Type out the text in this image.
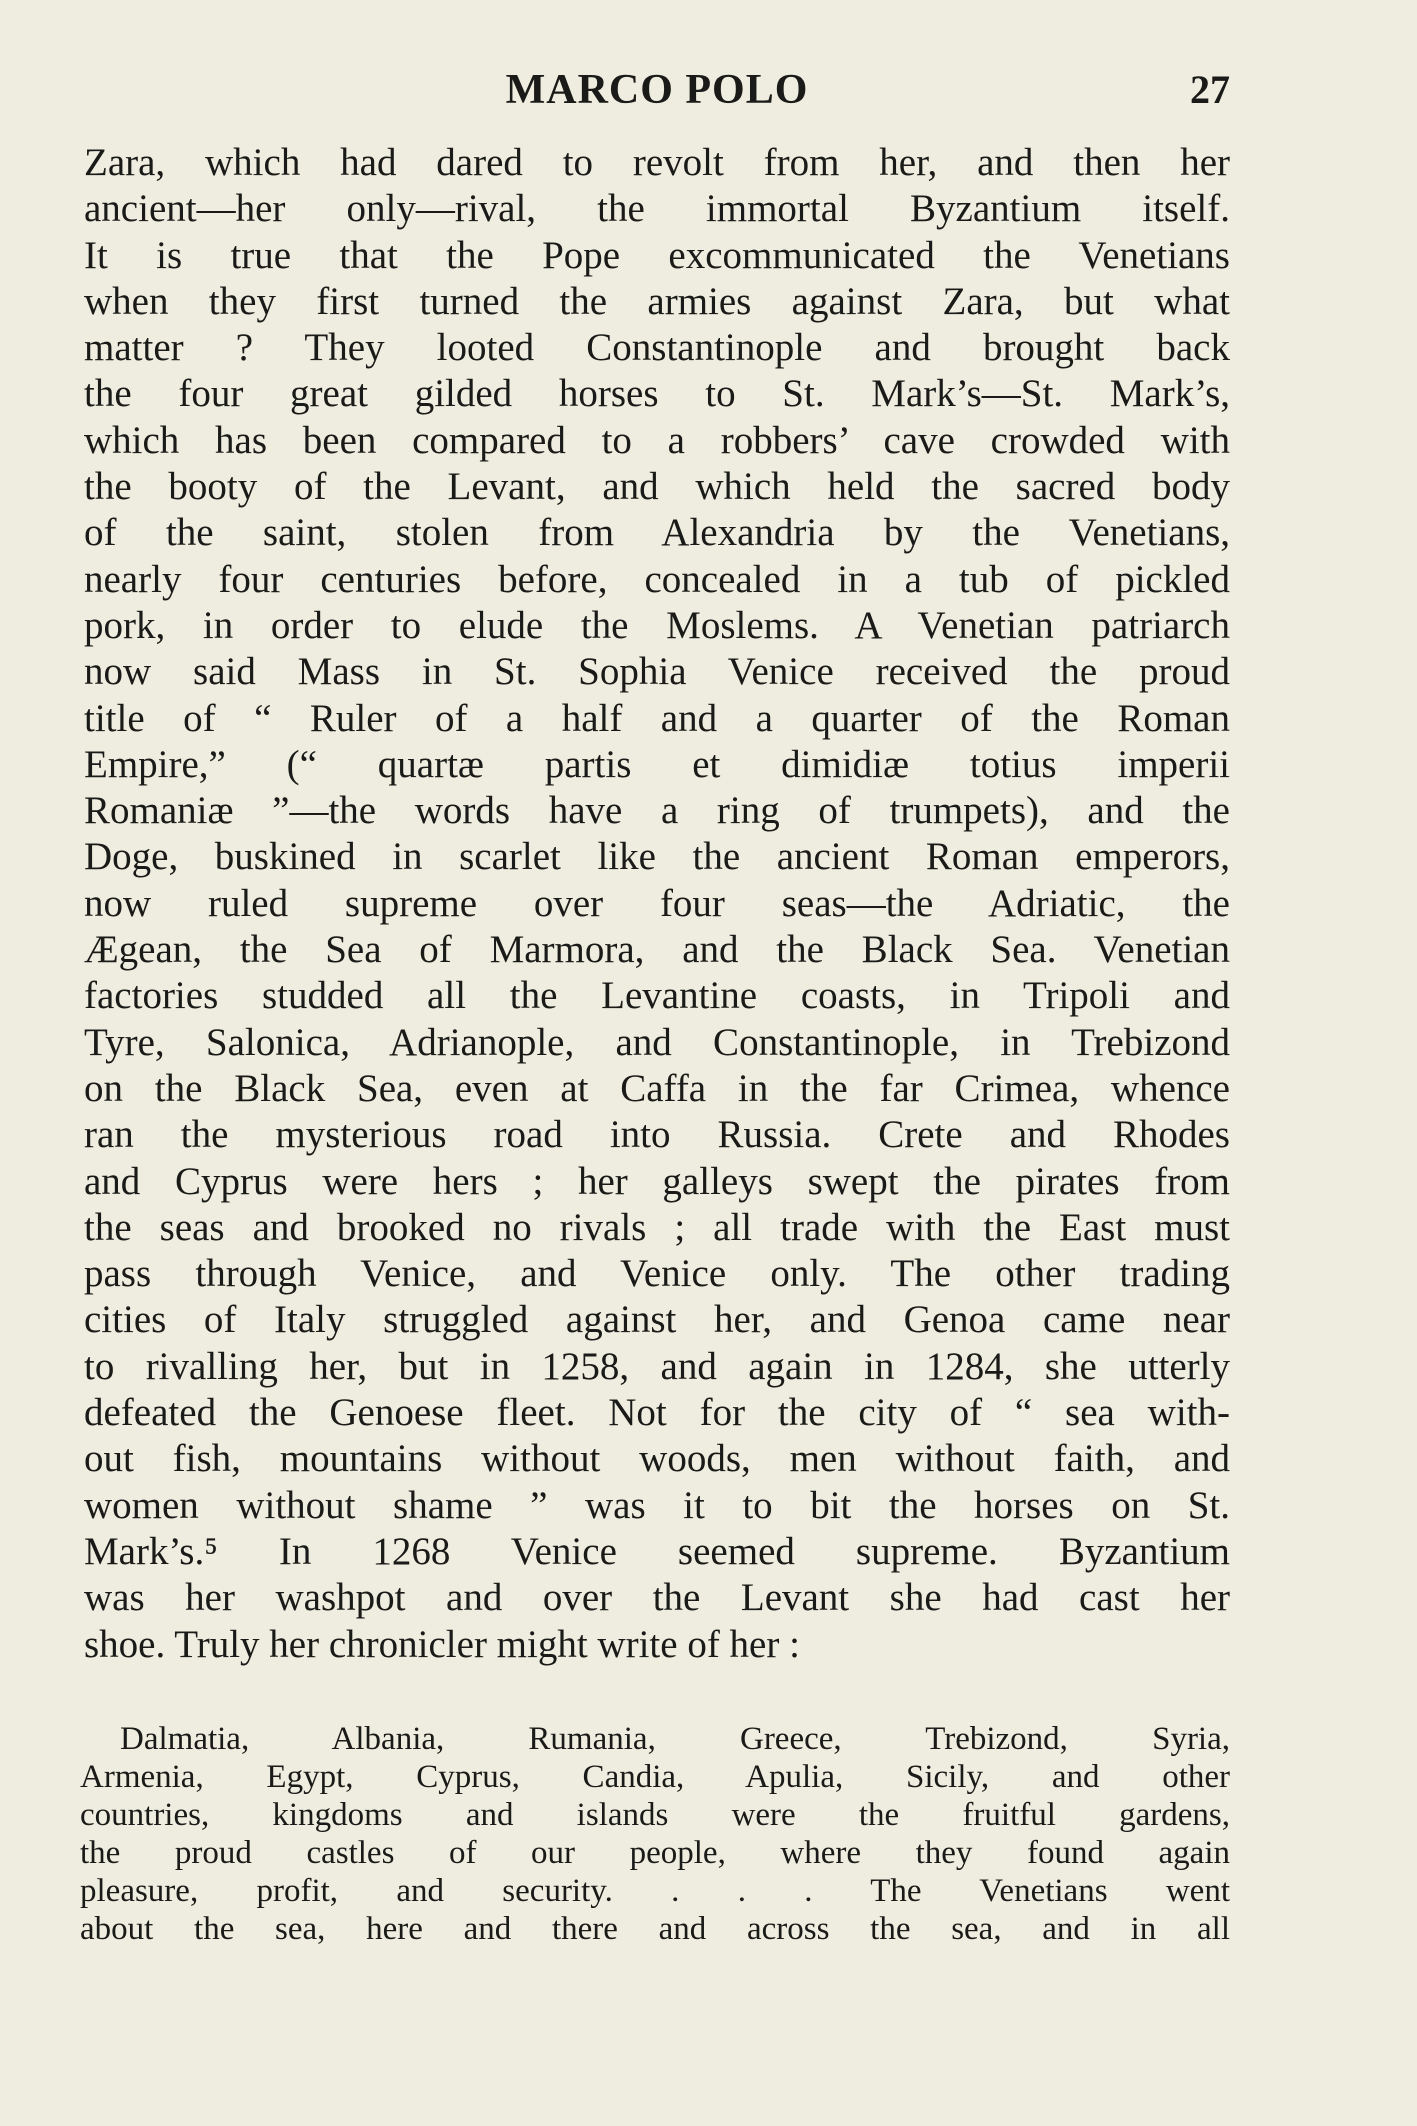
MARCO POLO	27
Zara, which had dared to revolt from her, and then her
ancient—her only—rival, the immortal Byzantium itself.
It is true that the Pope excommunicated the Venetians
when they first turned the armies against Zara, but what
matter ? They looted Constantinople and brought back
the four great gilded horses to St. Mark’s—St. Mark’s,
which has been compared to a robbers’ cave crowded with
the booty of the Levant, and which held the sacred body
of the saint, stolen from Alexandria by the Venetians,
nearly four centuries before, concealed in a tub of pickled
pork, in order to elude the Moslems. A Venetian patriarch
now said Mass in St. Sophia Venice received the proud
title of “ Ruler of a half and a quarter of the Roman
Empire,” (“ quartæ partis et dimidiæ totius imperii
Romaniæ ”—the words have a ring of trumpets), and the
Doge, buskined in scarlet like the ancient Roman emperors,
now ruled supreme over four seas—the Adriatic, the
Ægean, the Sea of Marmora, and the Black Sea. Venetian
factories studded all the Levantine coasts, in Tripoli and
Tyre, Salonica, Adrianople, and Constantinople, in Trebizond
on the Black Sea, even at Caffa in the far Crimea, whence
ran the mysterious road into Russia. Crete and Rhodes
and Cyprus were hers ; her galleys swept the pirates from
the seas and brooked no rivals ; all trade with the East must
pass through Venice, and Venice only. The other trading
cities of Italy struggled against her, and Genoa came near
to rivalling her, but in 1258, and again in 1284, she utterly
defeated the Genoese fleet. Not for the city of “ sea with-
out fish, mountains without woods, men without faith, and
women without shame ” was it to bit the horses on St.
Mark’s.⁵ In 1268 Venice seemed supreme. Byzantium
was her washpot and over the Levant she had cast her
shoe. Truly her chronicler might write of her :
Dalmatia, Albania, Rumania, Greece, Trebizond, Syria,
Armenia, Egypt, Cyprus, Candia, Apulia, Sicily, and other
countries, kingdoms and islands were the fruitful gardens,
the proud castles of our people, where they found again
pleasure, profit, and security. . . . The Venetians went
about the sea, here and there and across the sea, and in all
